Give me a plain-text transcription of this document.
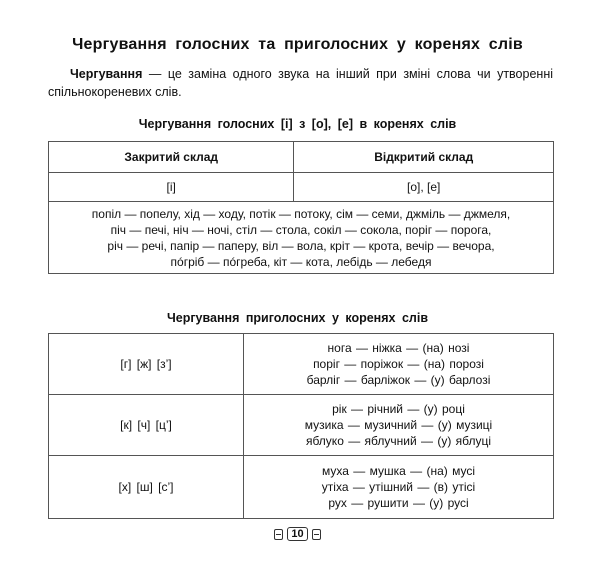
Чергування голосних та приголосних у коренях слів
Чергування — це заміна одного звука на інший при зміні слова чи утворенні спільнокореневих слів.
Чергування голосних [і] з [о], [е] в коренях слів
Закритий склад	Відкритий склад
[і]	[о], [е]

попіл — попелу, хід — ходу, потік — потоку, сім — семи, джміль — джмеля,
піч — печі, ніч — ночі, стіл — стола, сокіл — сокола, поріг — порога,
річ — речі, папір — паперу, віл — вола, кріт — крота, вечір — вечора,
пóгріб — пóгреба, кіт — кота, лебідь — лебедя	
Чергування приголосних у коренях слів
[г] [ж] [з’]	нога — ніжка — (на) нозі
поріг — поріжок — (на) порозі
барліг — барліжок — (у) барлозі

[к] [ч] [ц’]	рік — річний — (у) році
музика — музичний — (у) музиці
яблуко — яблучний — (у) яблуці

[х] [ш] [с’]	муха — мушка — (на) мусі
утіха — утішний — (в) утісі
рух — рушити — (у) русі
10
